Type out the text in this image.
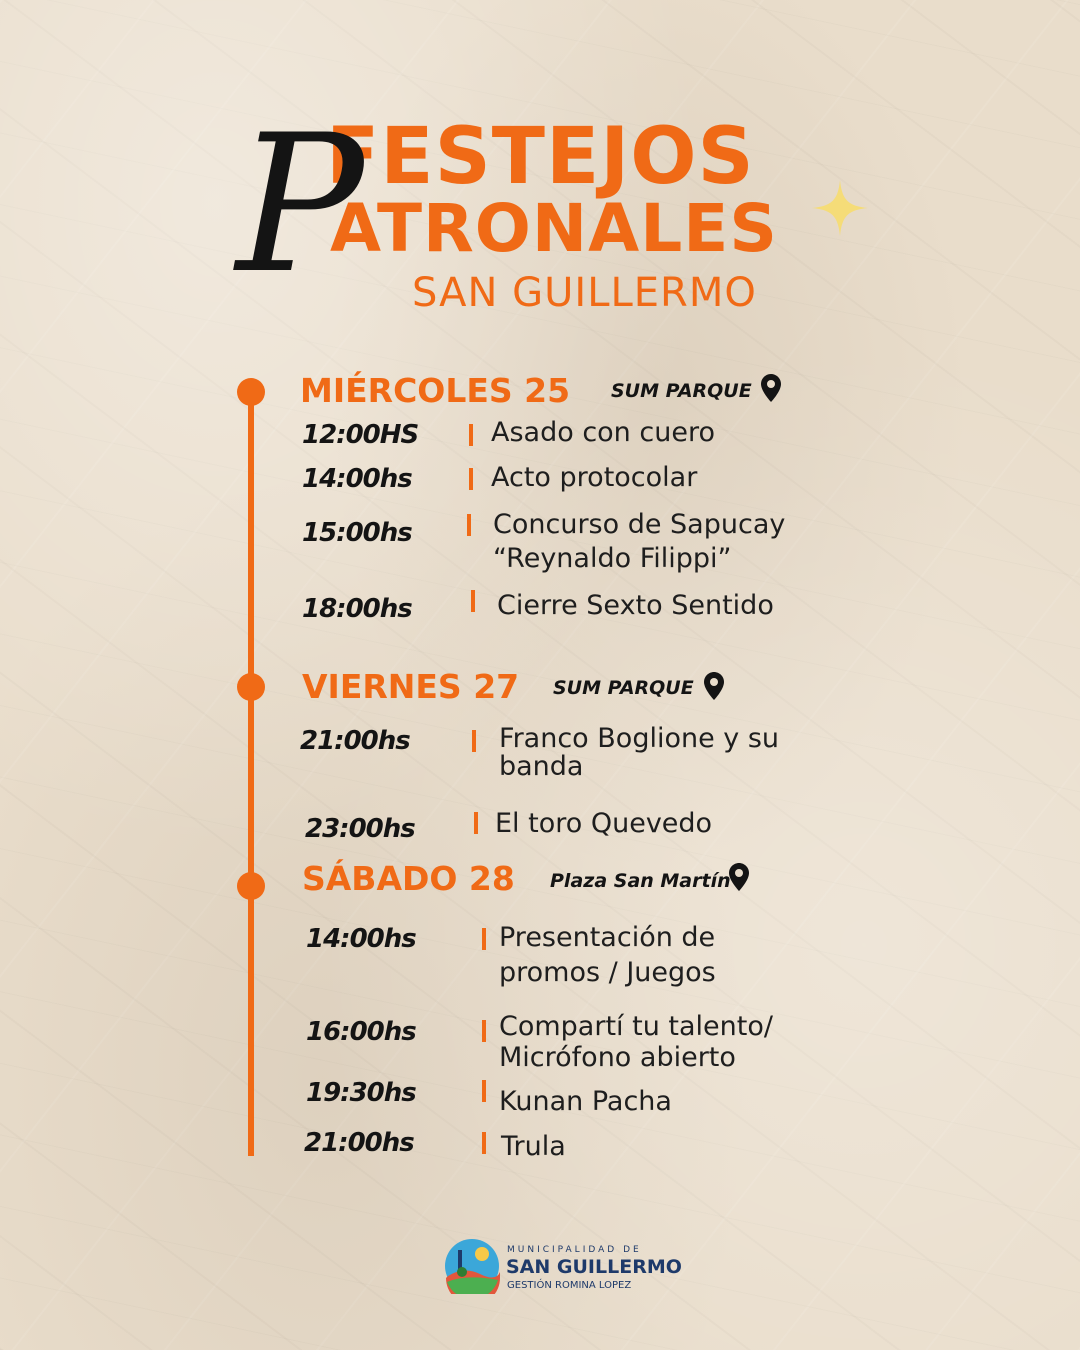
FESTEJOS
ATRONALES
P SAN GUILLERMO
MIÉRCOLES 25 SUM PARQUE
12:00HS	Asado con cuero
14:00hs	Acto protocolar
15:00hs	Concurso de Sapucay
“Reynaldo Filippi”
18:00hs	Cierre Sexto Sentido
VIERNES 27 SUM PARQUE
21:00hs	Franco Boglione y su
banda
23:00hs	El toro Quevedo
SÁBADO 28 Plaza San Martín
14:00hs	Presentación de
promos / Juegos
16:00hs	Compartí tu talento/
Micrófono abierto
19:30hs	Kunan Pacha
21:00hs	Trula
MUNICIPALIDAD DE
SAN GUILLERMO
GESTIÓN ROMINA LOPEZ
